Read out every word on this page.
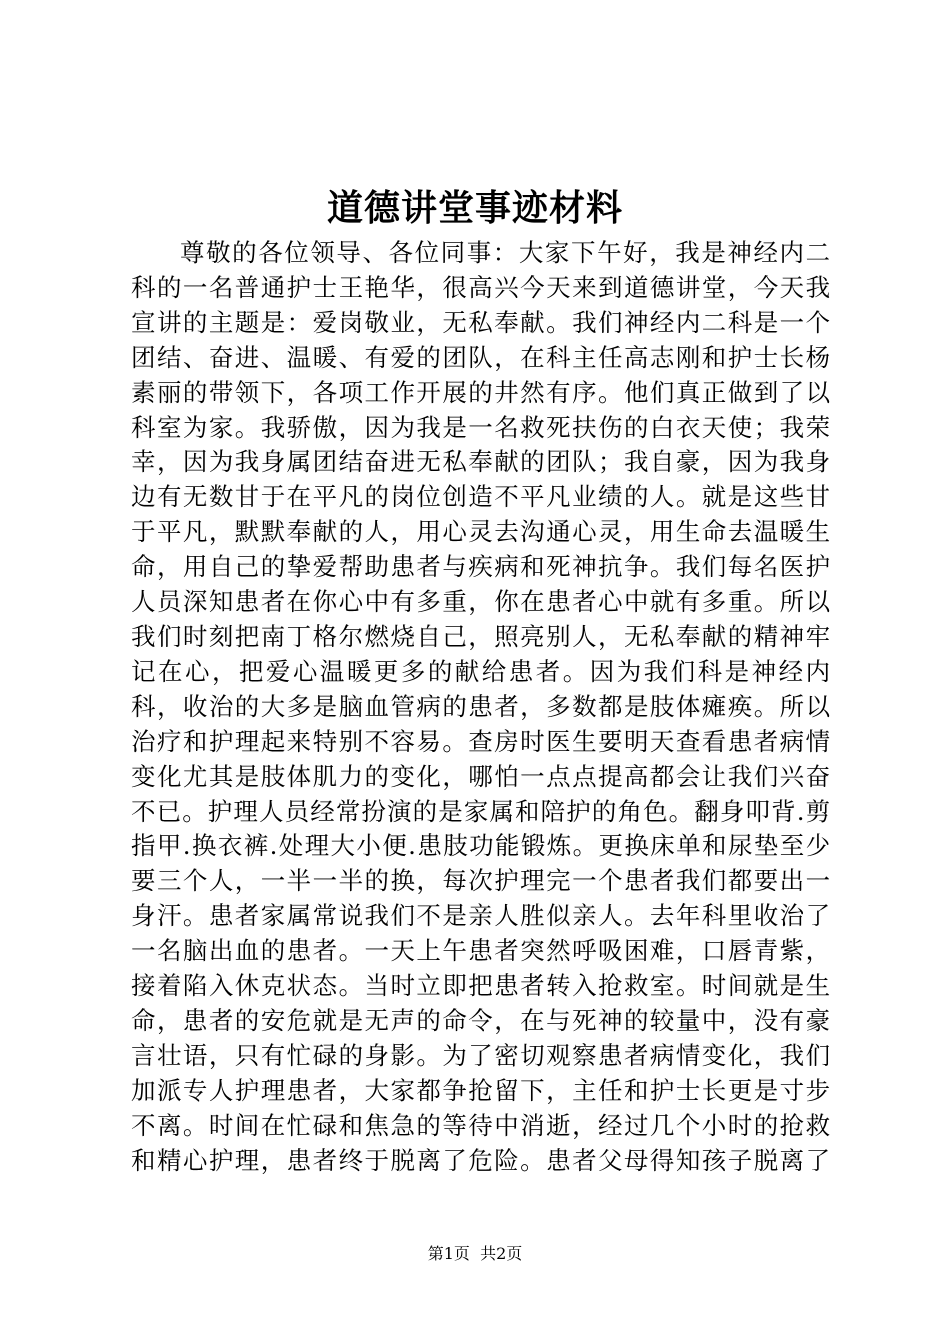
道德讲堂事迹材料

尊敬的各位领导、各位同事：大家下午好，我是神经内二科的一名普通护士王艳华，很高兴今天来到道德讲堂，今天我宣讲的主题是：爱岗敬业，无私奉献。我们神经内二科是一个团结、奋进、温暖、有爱的团队，在科主任高志刚和护士长杨素丽的带领下，各项工作开展的井然有序。他们真正做到了以科室为家。我骄傲，因为我是一名救死扶伤的白衣天使；我荣幸，因为我身属团结奋进无私奉献的团队；我自豪，因为我身边有无数甘于在平凡的岗位创造不平凡业绩的人。就是这些甘于平凡，默默奉献的人，用心灵去沟通心灵，用生命去温暖生命，用自己的挚爱帮助患者与疾病和死神抗争。我们每名医护人员深知患者在你心中有多重，你在患者心中就有多重。所以我们时刻把南丁格尔燃烧自己，照亮别人，无私奉献的精神牢记在心，把爱心温暖更多的献给患者。因为我们科是神经内科，收治的大多是脑血管病的患者，多数都是肢体瘫痪。所以治疗和护理起来特别不容易。查房时医生要明天查看患者病情变化尤其是肢体肌力的变化，哪怕一点点提高都会让我们兴奋不已。护理人员经常扮演的是家属和陪护的角色。翻身叩背.剪指甲.换衣裤.处理大小便.患肢功能锻炼。更换床单和尿垫至少要三个人，一半一半的换，每次护理完一个患者我们都要出一身汗。患者家属常说我们不是亲人胜似亲人。去年科里收治了一名脑出血的患者。一天上午患者突然呼吸困难，口唇青紫，接着陷入休克状态。当时立即把患者转入抢救室。时间就是生命，患者的安危就是无声的命令，在与死神的较量中，没有豪言壮语，只有忙碌的身影。为了密切观察患者病情变化，我们加派专人护理患者，大家都争抢留下，主任和护士长更是寸步不离。时间在忙碌和焦急的等待中消逝，经过几个小时的抢救和精心护理，患者终于脱离了危险。患者父母得知孩子脱离了

第1页  共2页
